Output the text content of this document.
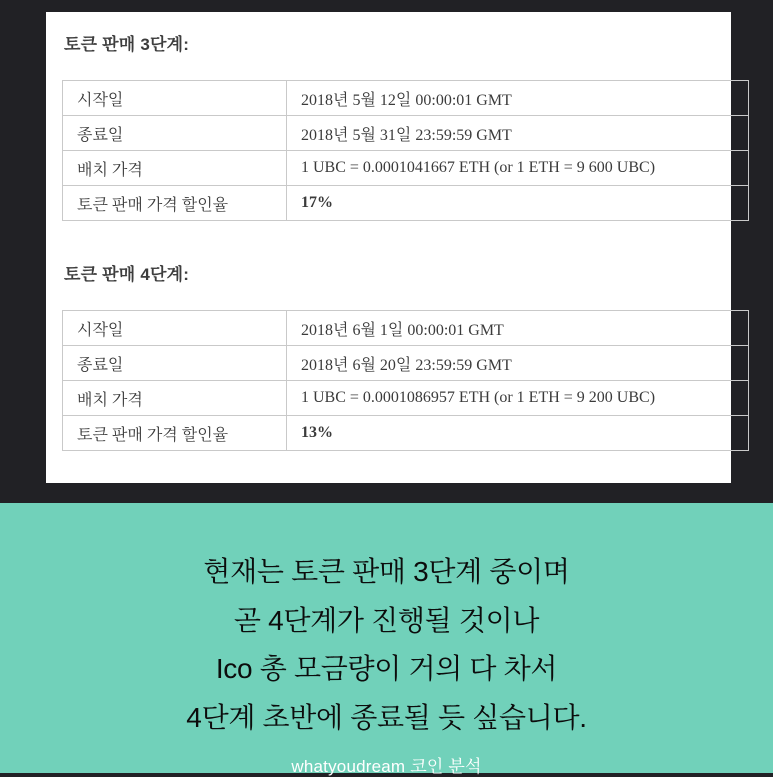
토큰 판매 3단계:
시작일	2018년 5월 12일 00:00:01 GMT
종료일	2018년 5월 31일 23:59:59 GMT
배치 가격	1 UBC = 0.0001041667 ETH (or 1 ETH = 9 600 UBC)
토큰 판매 가격 할인율	17%
토큰 판매 4단계:
시작일	2018년 6월 1일 00:00:01 GMT
종료일	2018년 6월 20일 23:59:59 GMT
배치 가격	1 UBC = 0.0001086957 ETH (or 1 ETH = 9 200 UBC)
토큰 판매 가격 할인율	13%
현재는 토큰 판매 3단계 중이며
곧 4단계가 진행될 것이나
Ico 총 모금량이 거의 다 차서
4단계 초반에 종료될 듯 싶습니다.
whatyoudream 코인 분석
